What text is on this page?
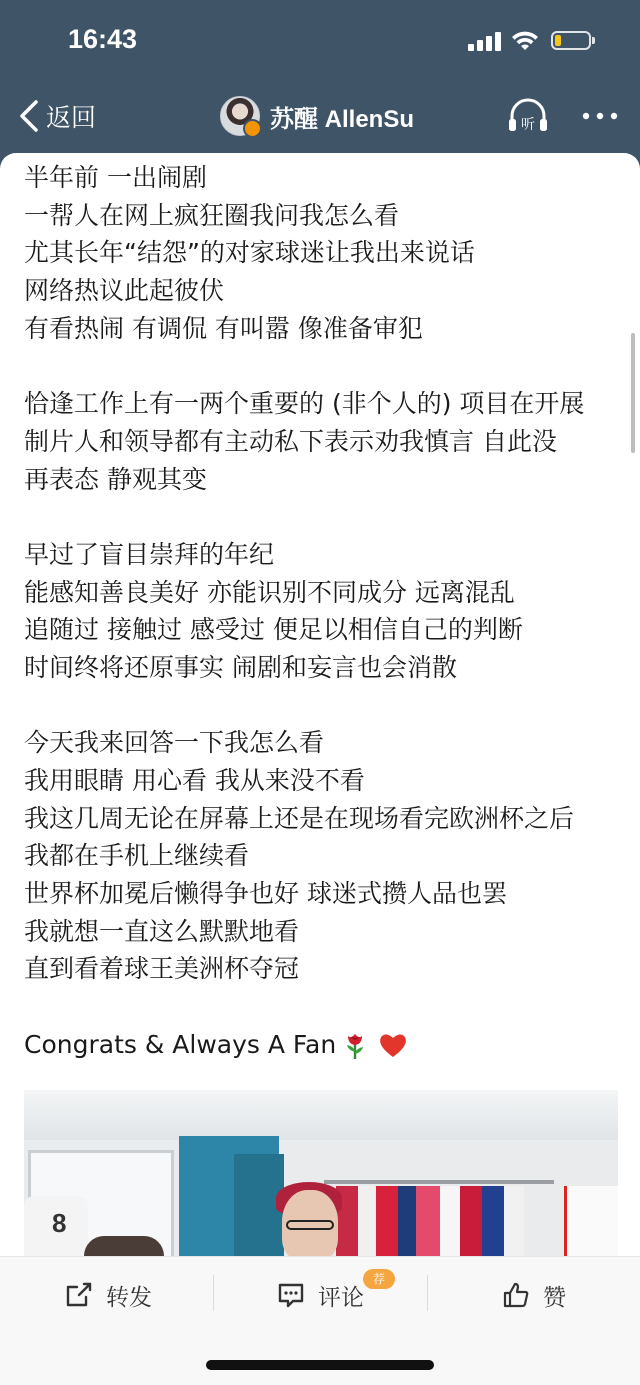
16:43
返回	苏醒 AllenSu	听
半年前 一出闹剧
一帮人在网上疯狂圈我问我怎么看
尤其长年“结怨”的对家球迷让我出来说话
网络热议此起彼伏
有看热闹 有调侃 有叫嚣 像准备审犯
恰逢工作上有一两个重要的 (非个人的) 项目在开展
制片人和领导都有主动私下表示劝我慎言 自此没
再表态 静观其变
早过了盲目崇拜的年纪
能感知善良美好 亦能识别不同成分 远离混乱
追随过 接触过 感受过 便足以相信自己的判断
时间终将还原事实 闹剧和妄言也会消散
今天我来回答一下我怎么看
我用眼睛 用心看 我从来没不看
我这几周无论在屏幕上还是在现场看完欧洲杯之后
我都在手机上继续看
世界杯加冕后懒得争也好 球迷式攒人品也罢
我就想一直这么默默地看
直到看着球王美洲杯夺冠
Congrats & Always A Fan
8
转发	评论
荐
赞
